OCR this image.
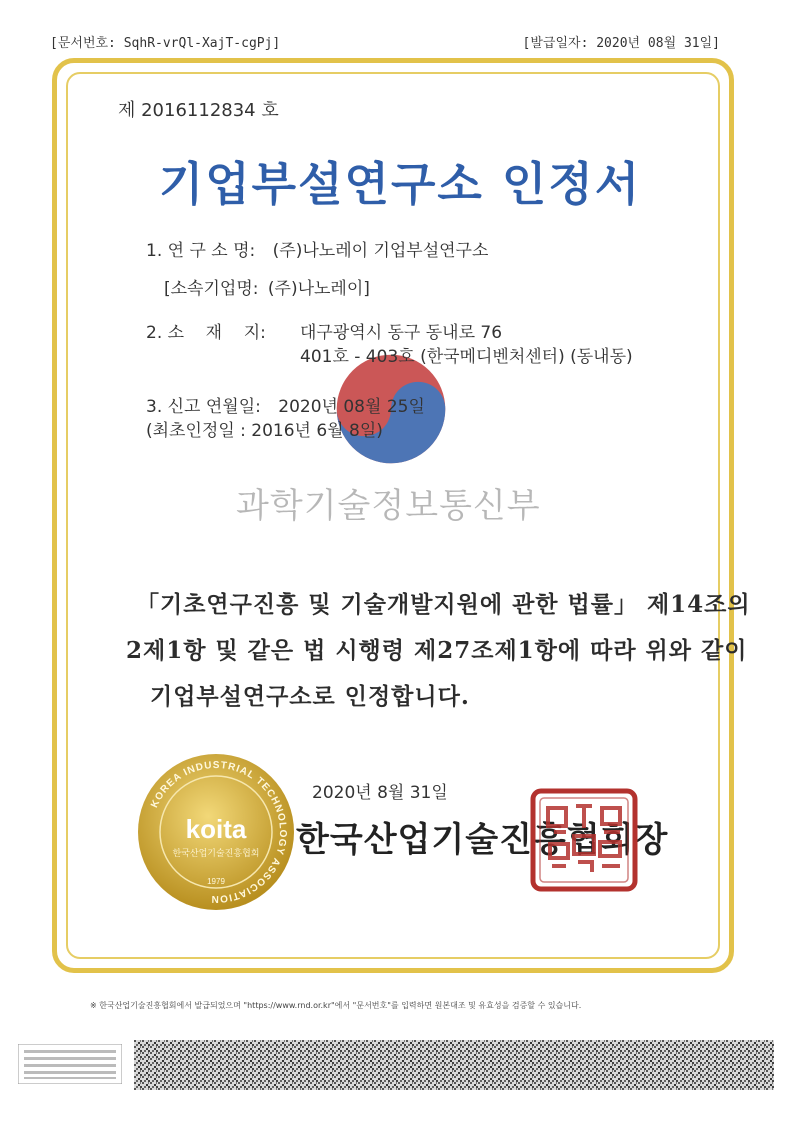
[문서번호: SqhR-vrQl-XajT-cgPj]	[발급일자: 2020년 08월 31일]
제 2016112834 호
기업부설연구소 인정서
1. 연 구 소 명: (주)나노레이 기업부설연구소
[소속기업명: (주)나노레이]
2. 소    재    지: 대구광역시 동구 동내로 76
401호 - 403호 (한국메디벤처센터) (동내동)
3. 신고 연월일: 2020년 08월 25일
(최초인정일 : 2016년 6월 8일)
과학기술정보통신부
「기초연구진흥 및 기술개발지원에 관한 법률」 제14조의
2제1항 및 같은 법 시행령 제27조제1항에 따라 위와 같이
기업부설연구소로 인정합니다.
KOREA INDUSTRIAL TECHNOLOGY ASSOCIATION
koita
한국산업기술진흥협회
1979
2020년 8월 31일
한국산업기술진흥협회장
※ 한국산업기술진흥협회에서 발급되었으며 "https://www.rnd.or.kr"에서 "문서번호"를 입력하면 원본대조 및 유효성을 검증할 수 있습니다.
